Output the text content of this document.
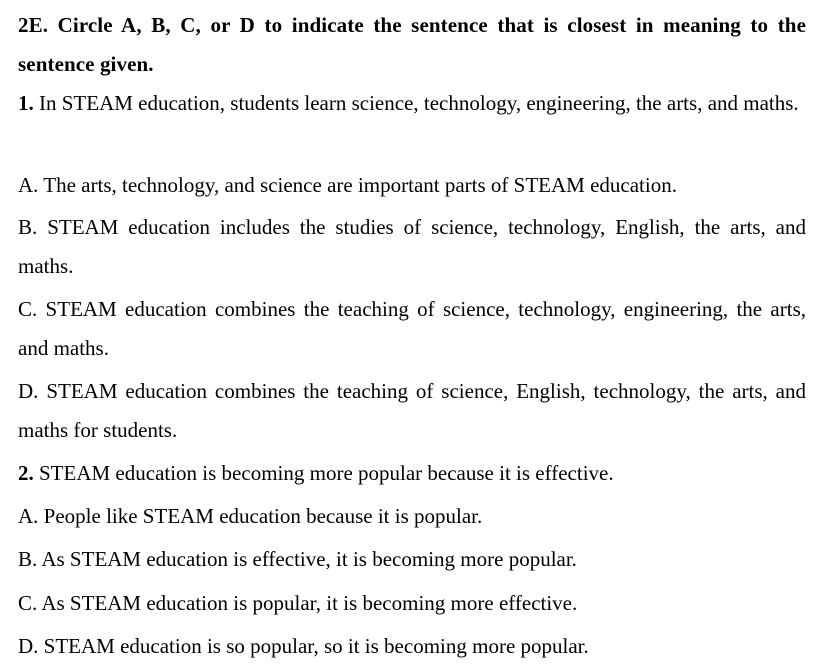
2E. Circle A, B, C, or D to indicate the sentence that is closest in meaning to the sentence given.
1. In STEAM education, students learn science, technology, engineering, the arts, and maths.
A. The arts, technology, and science are important parts of STEAM education.
B. STEAM education includes the studies of science, technology, English, the arts, and maths.
C. STEAM education combines the teaching of science, technology, engineering, the arts, and maths.
D. STEAM education combines the teaching of science, English, technology, the arts, and maths for students.
2. STEAM education is becoming more popular because it is effective.
A. People like STEAM education because it is popular.
B. As STEAM education is effective, it is becoming more popular.
C. As STEAM education is popular, it is becoming more effective.
D. STEAM education is so popular, so it is becoming more popular.
